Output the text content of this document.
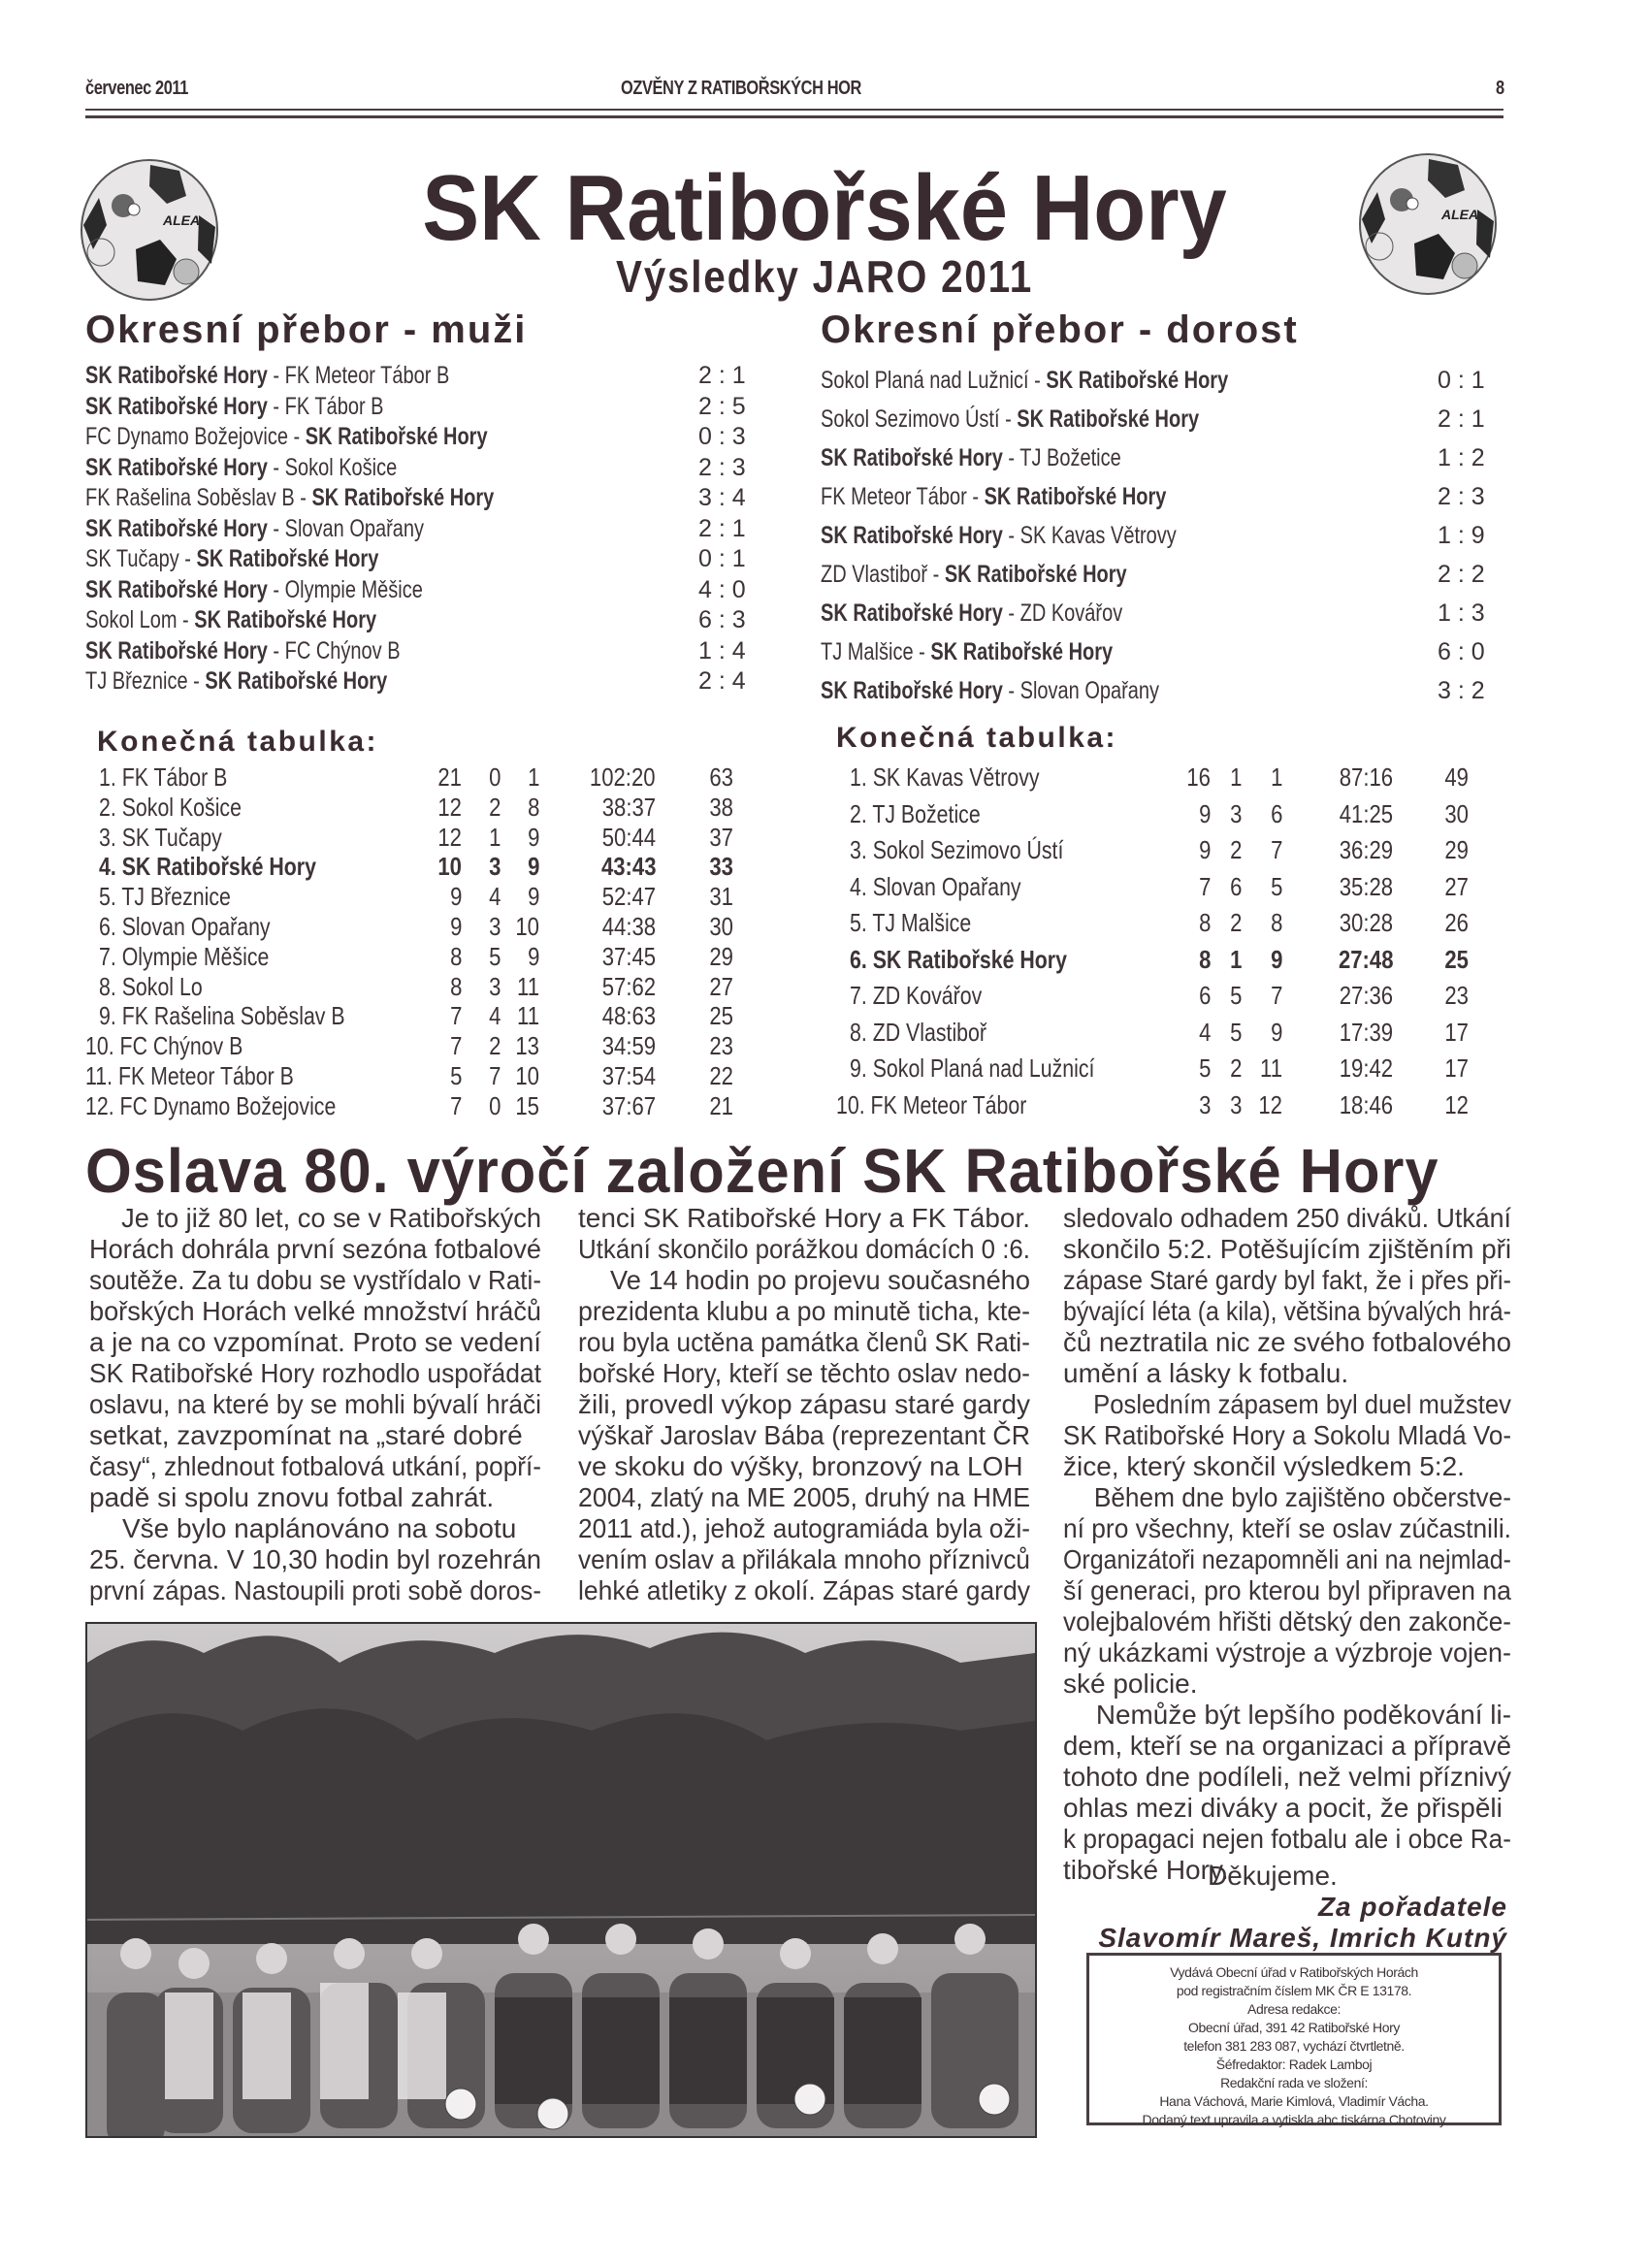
červenec 2011	OZVĚNY Z RATIBOŘSKÝCH HOR	8
ALEA	ALEA
SK Ratibořské Hory
Výsledky JARO 2011
Okresní přebor - muži	Okresní přebor - dorost
SK Ratibořské Hory - FK Meteor Tábor B	2 : 1
SK Ratibořské Hory - FK Tábor B	2 : 5
FC Dynamo Božejovice - SK Ratibořské Hory	0 : 3
SK Ratibořské Hory - Sokol Košice	2 : 3
FK Rašelina Soběslav B - SK Ratibořské Hory	3 : 4
SK Ratibořské Hory - Slovan Opařany	2 : 1
SK Tučapy - SK Ratibořské Hory	0 : 1
SK Ratibořské Hory - Olympie Měšice	4 : 0
Sokol Lom - SK Ratibořské Hory	6 : 3
SK Ratibořské Hory - FC Chýnov B	1 : 4
TJ Březnice - SK Ratibořské Hory	2 : 4
Sokol Planá nad Lužnicí - SK Ratibořské Hory	0 : 1
Sokol Sezimovo Ústí - SK Ratibořské Hory	2 : 1
SK Ratibořské Hory - TJ Božetice	1 : 2
FK Meteor Tábor - SK Ratibořské Hory	2 : 3
SK Ratibořské Hory - SK Kavas Větrovy	1 : 9
ZD Vlastiboř - SK Ratibořské Hory	2 : 2
SK Ratibořské Hory - ZD Kovářov	1 : 3
TJ Malšice - SK Ratibořské Hory	6 : 0
SK Ratibořské Hory - Slovan Opařany	3 : 2
Konečná tabulka:	Konečná tabulka:
1. FK Tábor B	21 0 1 102:20 63
2. Sokol Košice	12 2 8 38:37 38
3. SK Tučapy	12 1 9 50:44 37
4. SK Ratibořské Hory	10 3 9 43:43 33
5. TJ Březnice	9 4 9 52:47 31
6. Slovan Opařany	9 3 10 44:38 30
7. Olympie Měšice	8 5 9 37:45 29
8. Sokol Lo	8 3 11 57:62 27
9. FK Rašelina Soběslav B	7 4 11 48:63 25
10. FC Chýnov B	7 2 13 34:59 23
11. FK Meteor Tábor B	5 7 10 37:54 22
12. FC Dynamo Božejovice	7 0 15 37:67 21
1. SK Kavas Větrovy	16 1 1 87:16 49
2. TJ Božetice	9 3 6 41:25 30
3. Sokol Sezimovo Ústí	9 2 7 36:29 29
4. Slovan Opařany	7 6 5 35:28 27
5. TJ Malšice	8 2 8 30:28 26
6. SK Ratibořské Hory	8 1 9 27:48 25
7. ZD Kovářov	6 5 7 27:36 23
8. ZD Vlastiboř	4 5 9 17:39 17
9. Sokol Planá nad Lužnicí	5 2 11 19:42 17
10. FK Meteor Tábor	3 3 12 18:46 12
Oslava 80. výročí založení SK Ratibořské Hory
Je to již 80 let, co se v Ratibořských
Horách dohrála první sezóna fotbalové
soutěže. Za tu dobu se vystřídalo v Rati-
bořských Horách velké množství hráčů
a je na co vzpomínat. Proto se vedení
SK Ratibořské Hory rozhodlo uspořádat
oslavu, na které by se mohli bývalí hráči
setkat, zavzpomínat na „staré dobré
časy“, zhlednout fotbalová utkání, popří-
padě si spolu znovu fotbal zahrát.
Vše bylo naplánováno na sobotu
25. června. V 10,30 hodin byl rozehrán
první zápas. Nastoupili proti sobě doros-
tenci SK Ratibořské Hory a FK Tábor.
Utkání skončilo porážkou domácích 0 :6.
Ve 14 hodin po projevu současného
prezidenta klubu a po minutě ticha, kte-
rou byla uctěna památka členů SK Rati-
bořské Hory, kteří se těchto oslav nedo-
žili, provedl výkop zápasu staré gardy
výškař Jaroslav Bába (reprezentant ČR
ve skoku do výšky, bronzový na LOH
2004, zlatý na ME 2005, druhý na HME
2011 atd.), jehož autogramiáda byla oži-
vením oslav a přilákala mnoho příznivců
lehké atletiky z okolí. Zápas staré gardy
sledovalo odhadem 250 diváků. Utkání
skončilo 5:2. Potěšujícím zjištěním při
zápase Staré gardy byl fakt, že i přes při-
bývající léta (a kila), většina bývalých hrá-
čů neztratila nic ze svého fotbalového
umění a lásky k fotbalu.
Posledním zápasem byl duel mužstev
SK Ratibořské Hory a Sokolu Mladá Vo-
žice, který skončil výsledkem 5:2.
Během dne bylo zajištěno občerstve-
ní pro všechny, kteří se oslav zúčastnili.
Organizátoři nezapomněli ani na nejmlad-
ší generaci, pro kterou byl připraven na
volejbalovém hřišti dětský den zakonče-
ný ukázkami výstroje a výzbroje vojen-
ské policie.
Nemůže být lepšího poděkování li-
dem, kteří se na organizaci a přípravě
tohoto dne podíleli, než velmi příznivý
ohlas mezi diváky a pocit, že přispěli
k propagaci nejen fotbalu ale i obce Ra-
tibořské Hory.
Děkujeme.
Za pořadatele
Slavomír Mareš, Imrich Kutný
Vydává Obecní úřad v Ratibořských Horách
pod registračním číslem MK ČR E 13178.
Adresa redakce:
Obecní úřad, 391 42 Ratibořské Hory
telefon 381 283 087, vychází čtvrtletně.
Šéfredaktor: Radek Lamboj
Redakční rada ve složení:
Hana Váchová, Marie Kimlová, Vladimír Vácha.
Dodaný text upravila a vytiskla abc tiskárna Chotoviny
